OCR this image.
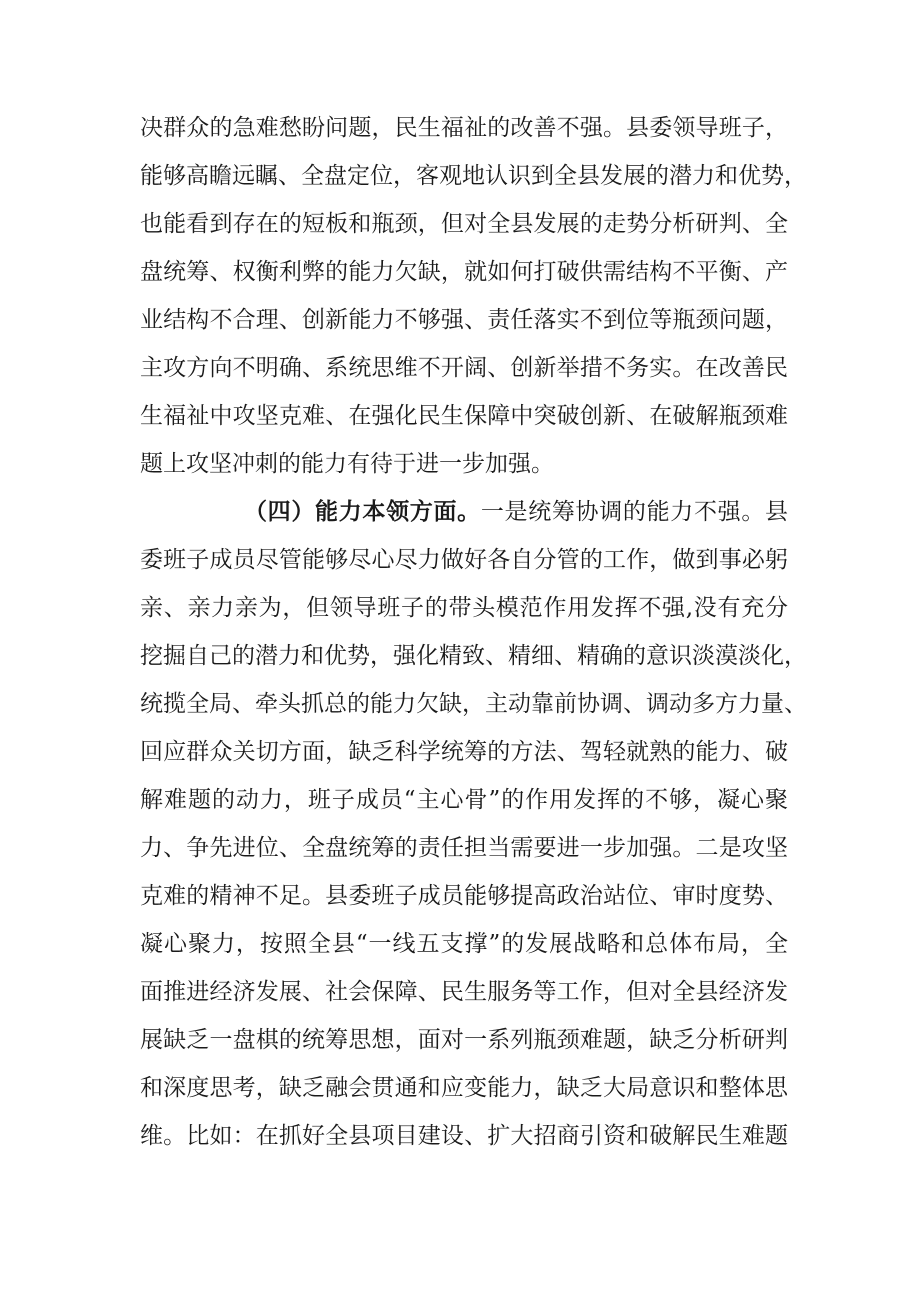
决群众的急难愁盼问题，民生福祉的改善不强。县委领导班子，
能够高瞻远瞩、全盘定位，客观地认识到全县发展的潜力和优势，
也能看到存在的短板和瓶颈，但对全县发展的走势分析研判、全
盘统筹、权衡利弊的能力欠缺，就如何打破供需结构不平衡、产
业结构不合理、创新能力不够强、责任落实不到位等瓶颈问题，
主攻方向不明确、系统思维不开阔、创新举措不务实。在改善民
生福祉中攻坚克难、在强化民生保障中突破创新、在破解瓶颈难
题上攻坚冲刺的能力有待于进一步加强。
（四）能力本领方面。一是统筹协调的能力不强。县
委班子成员尽管能够尽心尽力做好各自分管的工作，做到事必躬
亲、亲力亲为，但领导班子的带头模范作用发挥不强,没有充分
挖掘自己的潜力和优势，强化精致、精细、精确的意识淡漠淡化，
统揽全局、牵头抓总的能力欠缺，主动靠前协调、调动多方力量、
回应群众关切方面，缺乏科学统筹的方法、驾轻就熟的能力、破
解难题的动力，班子成员“主心骨”的作用发挥的不够，凝心聚
力、争先进位、全盘统筹的责任担当需要进一步加强。二是攻坚
克难的精神不足。县委班子成员能够提高政治站位、审时度势、
凝心聚力，按照全县“一线五支撑”的发展战略和总体布局，全
面推进经济发展、社会保障、民生服务等工作，但对全县经济发
展缺乏一盘棋的统筹思想，面对一系列瓶颈难题，缺乏分析研判
和深度思考，缺乏融会贯通和应变能力，缺乏大局意识和整体思
维。比如：在抓好全县项目建设、扩大招商引资和破解民生难题
